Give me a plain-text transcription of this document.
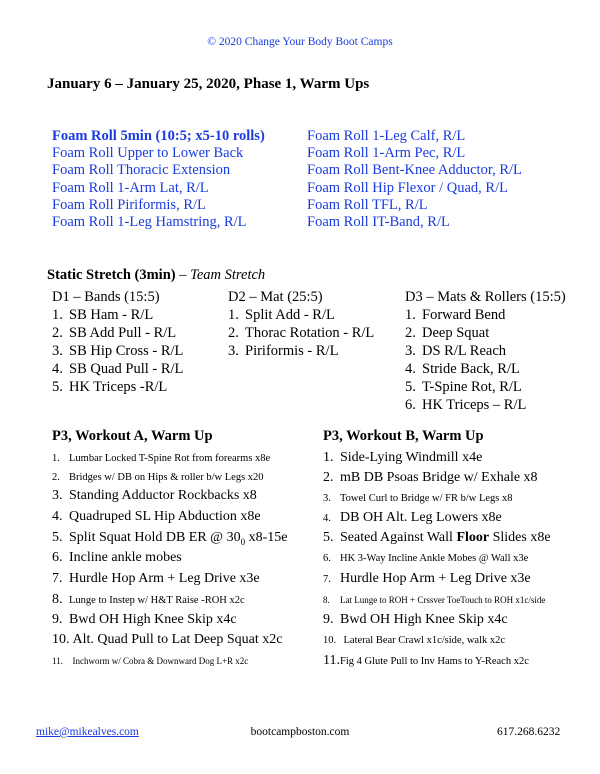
© 2020 Change Your Body Boot Camps
January 6 – January 25, 2020, Phase 1, Warm Ups
Foam Roll 5min (10:5; x5-10 rolls)
Foam Roll Upper to Lower Back
Foam Roll Thoracic Extension
Foam Roll 1-Arm Lat, R/L
Foam Roll Piriformis, R/L
Foam Roll 1-Leg Hamstring, R/L
Foam Roll 1-Leg Calf, R/L
Foam Roll 1-Arm Pec, R/L
Foam Roll Bent-Knee Adductor, R/L
Foam Roll Hip Flexor / Quad, R/L
Foam Roll TFL, R/L
Foam Roll IT-Band, R/L
Static Stretch (3min) – Team Stretch
D1 – Bands (15:5)
1. SB Ham - R/L
2. SB Add Pull - R/L
3. SB Hip Cross - R/L
4. SB Quad Pull - R/L
5. HK Triceps -R/L
D2 – Mat (25:5)
1. Split Add - R/L
2. Thorac Rotation - R/L
3. Piriformis - R/L
D3 – Mats & Rollers (15:5)
1. Forward Bend
2. Deep Squat
3. DS R/L Reach
4. Stride Back, R/L
5. T-Spine Rot, R/L
6. HK Triceps – R/L
P3, Workout A, Warm Up
1. Lumbar Locked T-Spine Rot from forearms x8e
2. Bridges w/ DB on Hips & roller b/w Legs x20
3. Standing Adductor Rockbacks x8
4. Quadruped SL Hip Abduction x8e
5. Split Squat Hold DB ER @ $30_0$ x8-15e
6. Incline ankle mobes
7. Hurdle Hop Arm + Leg Drive x3e
8. Lunge to Instep w/ H&T Raise -ROH x2c
9. Bwd OH High Knee Skip x4c
10. Alt. Quad Pull to Lat Deep Squat x2c
11. Inchworm w/ Cobra & Downward Dog L+R x2c
P3, Workout B, Warm Up
1. Side-Lying Windmill x4e
2. mB DB Psoas Bridge w/ Exhale x8
3. Towel Curl to Bridge w/ FR b/w Legs x8
4. DB OH Alt. Leg Lowers x8e
5. Seated Against Wall Floor Slides x8e
6. HK 3-Way Incline Ankle Mobes @ Wall x3e
7. Hurdle Hop Arm + Leg Drive x3e
8. Lat Lunge to ROH + Crssver ToeTouch to ROH x1c/side
9. Bwd OH High Knee Skip x4c
10. Lateral Bear Crawl x1c/side, walk x2c
11.Fig 4 Glute Pull to Inv Hams to Y-Reach x2c
bootcampboston.com
mike@mikealves.com	617.268.6232
